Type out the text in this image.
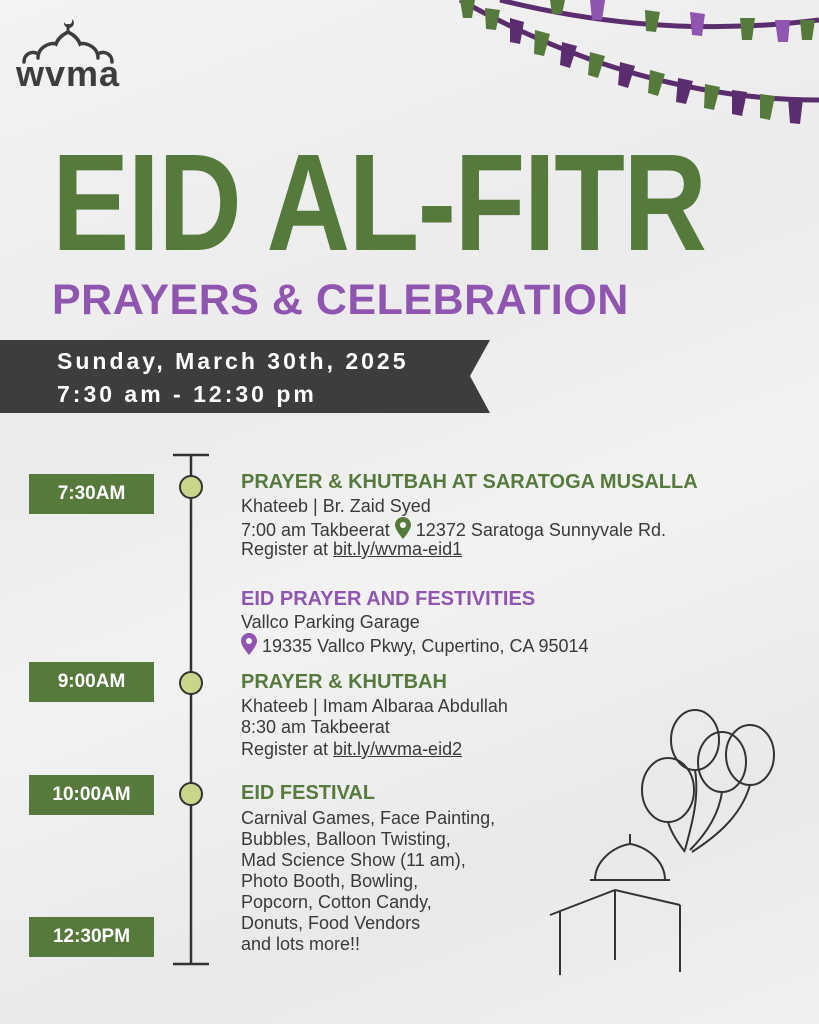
wvma
EID AL-FITR
PRAYERS & CELEBRATION
Sunday, March 30th, 2025
7:30 am - 12:30 pm
7:30AM
9:00AM
10:00AM
12:30PM
PRAYER & KHUTBAH AT SARATOGA MUSALLA
Khateeb | Br. Zaid Syed
7:00 am Takbeerat 12372 Saratoga Sunnyvale Rd.
Register at bit.ly/wvma-eid1
EID PRAYER AND FESTIVITIES
Vallco Parking Garage
19335 Vallco Pkwy, Cupertino, CA 95014
PRAYER & KHUTBAH
Khateeb | Imam Albaraa Abdullah
8:30 am Takbeerat
Register at bit.ly/wvma-eid2
EID FESTIVAL
Carnival Games, Face Painting,
Bubbles, Balloon Twisting,
Mad Science Show (11 am),
Photo Booth, Bowling,
Popcorn, Cotton Candy,
Donuts, Food Vendors
and lots more!!
